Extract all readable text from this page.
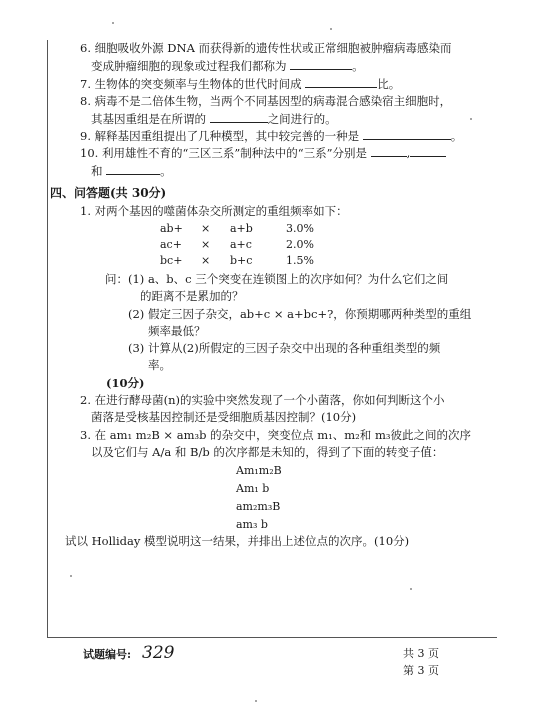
6. 细胞吸收外源 DNA 而获得新的遗传性状或正常细胞被肿瘤病毒感染而
变成肿瘤细胞的现象或过程我们都称为	。
7. 生物体的突变频率与生物体的世代时间成	比。
8. 病毒不是二倍体生物，当两个不同基因型的病毒混合感染宿主细胞时，
其基因重组是在所谓的	之间进行的。
9. 解释基因重组提出了几种模型，其中较完善的一种是	。
10. 利用雄性不育的“三区三系”制种法中的“三系”分别是	,
和	。
四、问答题(共 30分)
1. 对两个基因的噬菌体杂交所测定的重组频率如下：
ab+ × a+b	3.0%
ac+ × a+c	2.0%
bc+ × b+c	1.5%
问：(1) a、b、c 三个突变在连锁图上的次序如何？为什么它们之间
的距离不是累加的？
(2) 假定三因子杂交，ab+c × a+bc+?，你预期哪两种类型的重组
频率最低？
(3) 计算从(2)所假定的三因子杂交中出现的各种重组类型的频
率。
(10分)
2. 在进行酵母菌(n)的实验中突然发现了一个小菌落，你如何判断这个小
菌落是受核基因控制还是受细胞质基因控制？(10分)
3. 在 am₁ m₂B × am₃b 的杂交中，突变位点 m₁、m₂和 m₃彼此之间的次序
以及它们与 A/a 和 B/b 的次序都是未知的，得到了下面的转变子值：
Am₁m₂B
Am₁ b
am₂m₃B
am₃ b
试以 Holliday 模型说明这一结果，并排出上述位点的次序。(10分)
试题编号: 329	共 3 页
第 3 页
